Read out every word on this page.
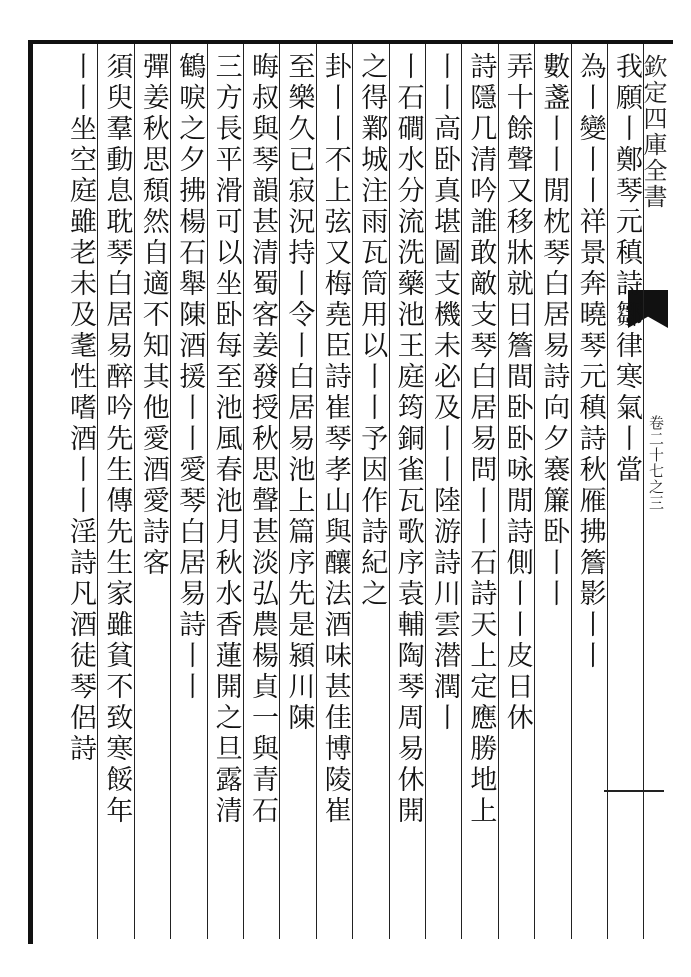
欽定四庫全書
卷二十七之三
我願丨鄭琴元稹詩鄒律寒氣丨當
為丨變丨丨祥景奔曉琴元稹詩秋雁拂簷影丨丨
數盞丨丨閒枕琴白居易詩向夕褰簾卧丨丨
弄十餘聲又移牀就日簷間卧卧咏閒詩側丨丨皮日休
詩隱几清吟誰敢敵支琴白居易問丨丨石詩天上定應勝地上
丨丨高卧真堪圖支機未必及丨丨陸游詩川雲潜潤丨
丨石磵水分流洗藥池王庭筠銅雀瓦歌序袁輔陶琴周易休開
之得鄴城注雨瓦筒用以丨丨予因作詩紀之
卦丨丨不上弦又梅堯臣詩崔琴孝山與釀法酒味甚佳博陵崔
至樂久已寂況持丨令丨白居易池上篇序先是潁川陳
晦叔與琴韻甚清蜀客姜發授秋思聲甚淡弘農楊貞一與青石
三方長平滑可以坐卧每至池風春池月秋水香蓮開之旦露清
鶴唳之夕拂楊石舉陳酒援丨丨愛琴白居易詩丨丨
彈姜秋思頹然自適不知其他愛酒愛詩客
須臾羣動息耽琴白居易醉吟先生傳先生家雖貧不致寒餒年
丨丨坐空庭雖老未及耄性嗜酒丨丨淫詩凡酒徒琴侶詩
